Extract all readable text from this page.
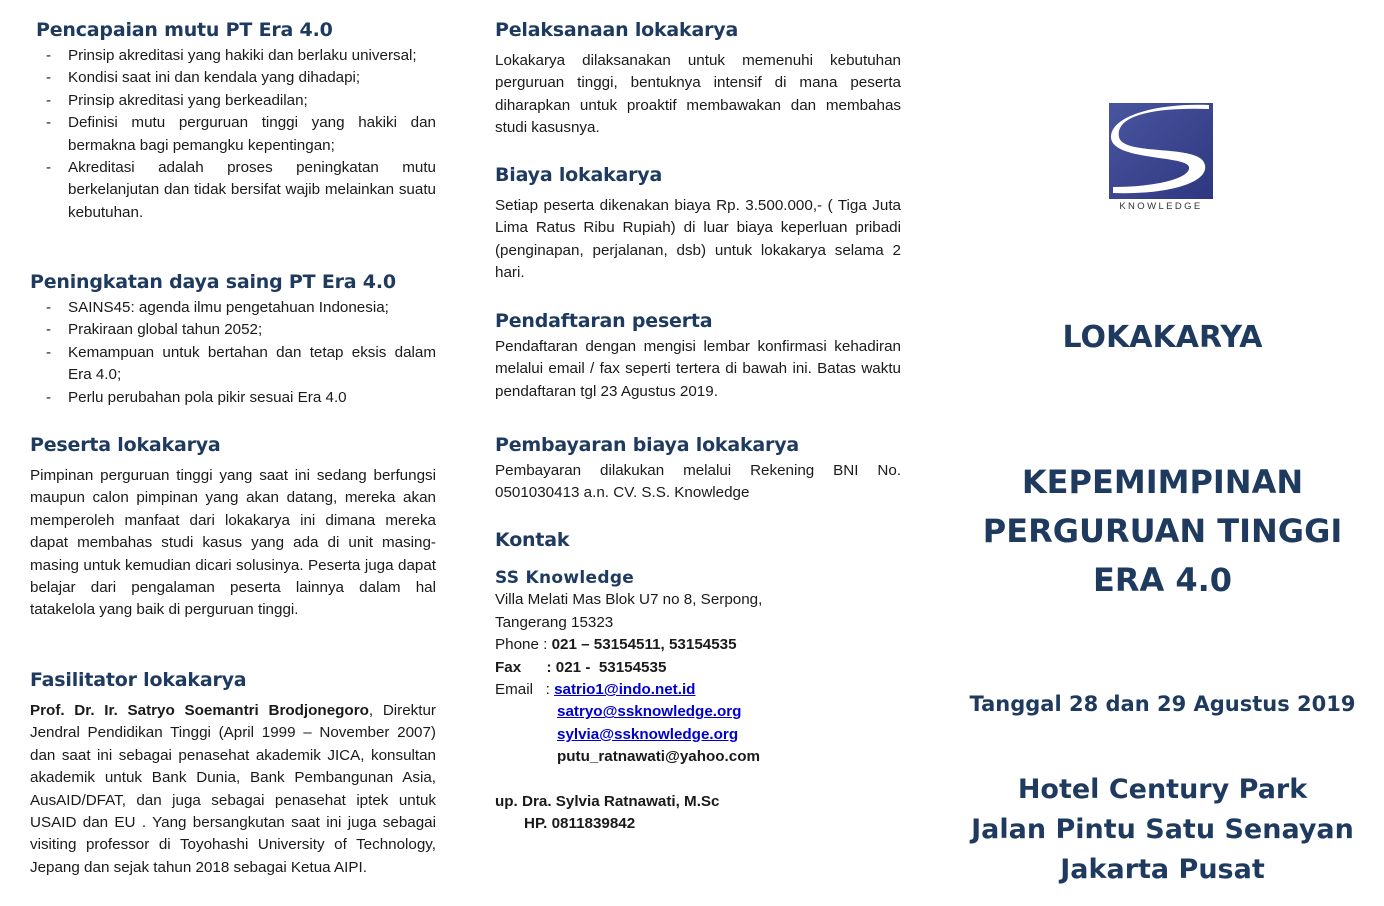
Pencapaian mutu PT Era 4.0
- Prinsip akreditasi yang hakiki dan berlaku universal;
- Kondisi saat ini dan kendala yang dihadapi;
- Prinsip akreditasi yang berkeadilan;
- Definisi mutu perguruan tinggi yang hakiki dan bermakna bagi pemangku kepentingan;
- Akreditasi adalah proses peningkatan mutu berkelanjutan dan tidak bersifat wajib melainkan suatu kebutuhan.
Peningkatan daya saing PT Era 4.0
- SAINS45: agenda ilmu pengetahuan Indonesia;
- Prakiraan global tahun 2052;
- Kemampuan untuk bertahan dan tetap eksis dalam Era 4.0;
- Perlu perubahan pola pikir sesuai Era 4.0
Peserta lokakarya

Pimpinan perguruan tinggi yang saat ini sedang berfungsi maupun calon pimpinan yang akan datang, mereka akan memperoleh manfaat dari lokakarya ini dimana mereka dapat membahas studi kasus yang ada di unit masing-masing untuk kemudian dicari solusinya. Peserta juga dapat belajar dari pengalaman peserta lainnya dalam hal tatakelola yang baik di perguruan tinggi.

Fasilitator lokakarya

Prof. Dr. Ir. Satryo Soemantri Brodjonegoro, Direktur Jendral Pendidikan Tinggi (April 1999 – November 2007) dan saat ini sebagai penasehat akademik JICA, konsultan akademik untuk Bank Dunia, Bank Pembangunan Asia, AusAID/DFAT, dan juga sebagai penasehat iptek untuk USAID dan EU . Yang bersangkutan saat ini juga sebagai visiting professor di Toyohashi University of Technology, Jepang dan sejak tahun 2018 sebagai Ketua AIPI.

Pelaksanaan lokakarya

Lokakarya dilaksanakan untuk memenuhi kebutuhan perguruan tinggi, bentuknya intensif di mana peserta diharapkan untuk proaktif membawakan dan membahas studi kasusnya.

Biaya lokakarya

Setiap peserta dikenakan biaya Rp. 3.500.000,- ( Tiga Juta Lima Ratus Ribu Rupiah) di luar biaya keperluan pribadi (penginapan, perjalanan, dsb) untuk lokakarya selama 2 hari.

Pendaftaran peserta

Pendaftaran dengan mengisi lembar konfirmasi kehadiran melalui email / fax seperti tertera di bawah ini. Batas waktu pendaftaran tgl 23 Agustus 2019.

Pembayaran biaya lokakarya

Pembayaran dilakukan melalui Rekening BNI No. 0501030413 a.n. CV. S.S. Knowledge

Kontak
SS Knowledge
Villa Melati Mas Blok U7 no 8, Serpong,
Tangerang 15323
Phone : 021 – 53154511, 53154535
Fax      : 021 -  53154535
Email   : satrio1@indo.net.id
satryo@ssknowledge.org
sylvia@ssknowledge.org
putu_ratnawati@yahoo.com
up. Dra. Sylvia Ratnawati, M.Sc
HP. 0811839842
KNOWLEDGE

LOKAKARYA

KEPEMIMPINAN
PERGURUAN TINGGI
ERA 4.0

Tanggal 28 dan 29 Agustus 2019

Hotel Century Park
Jalan Pintu Satu Senayan
Jakarta Pusat
